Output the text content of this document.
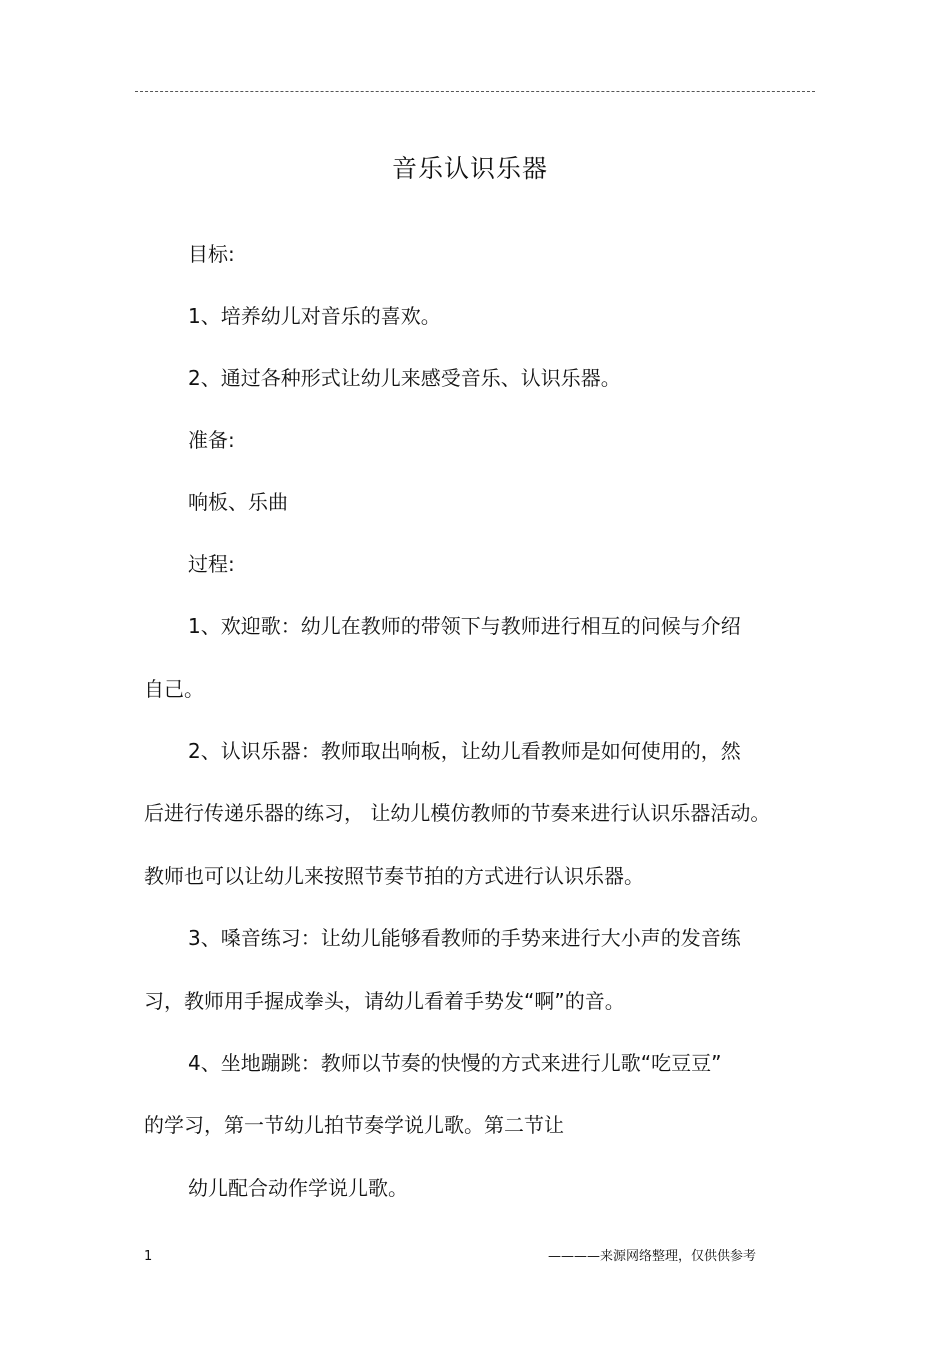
音乐认识乐器
目标:
1、培养幼儿对音乐的喜欢。
2、通过各种形式让幼儿来感受音乐、认识乐器。
准备:
响板、乐曲
过程:
1、欢迎歌：幼儿在教师的带领下与教师进行相互的问候与介绍
自己。
2、认识乐器：教师取出响板，让幼儿看教师是如何使用的，然
后进行传递乐器的练习， 让幼儿模仿教师的节奏来进行认识乐器活动。
教师也可以让幼儿来按照节奏节拍的方式进行认识乐器。
3、嗓音练习：让幼儿能够看教师的手势来进行大小声的发音练
习，教师用手握成拳头，请幼儿看着手势发“啊”的音。
4、坐地蹦跳：教师以节奏的快慢的方式来进行儿歌“吃豆豆”
的学习，第一节幼儿拍节奏学说儿歌。第二节让
幼儿配合动作学说儿歌。
1	————来源网络整理，仅供供参考
